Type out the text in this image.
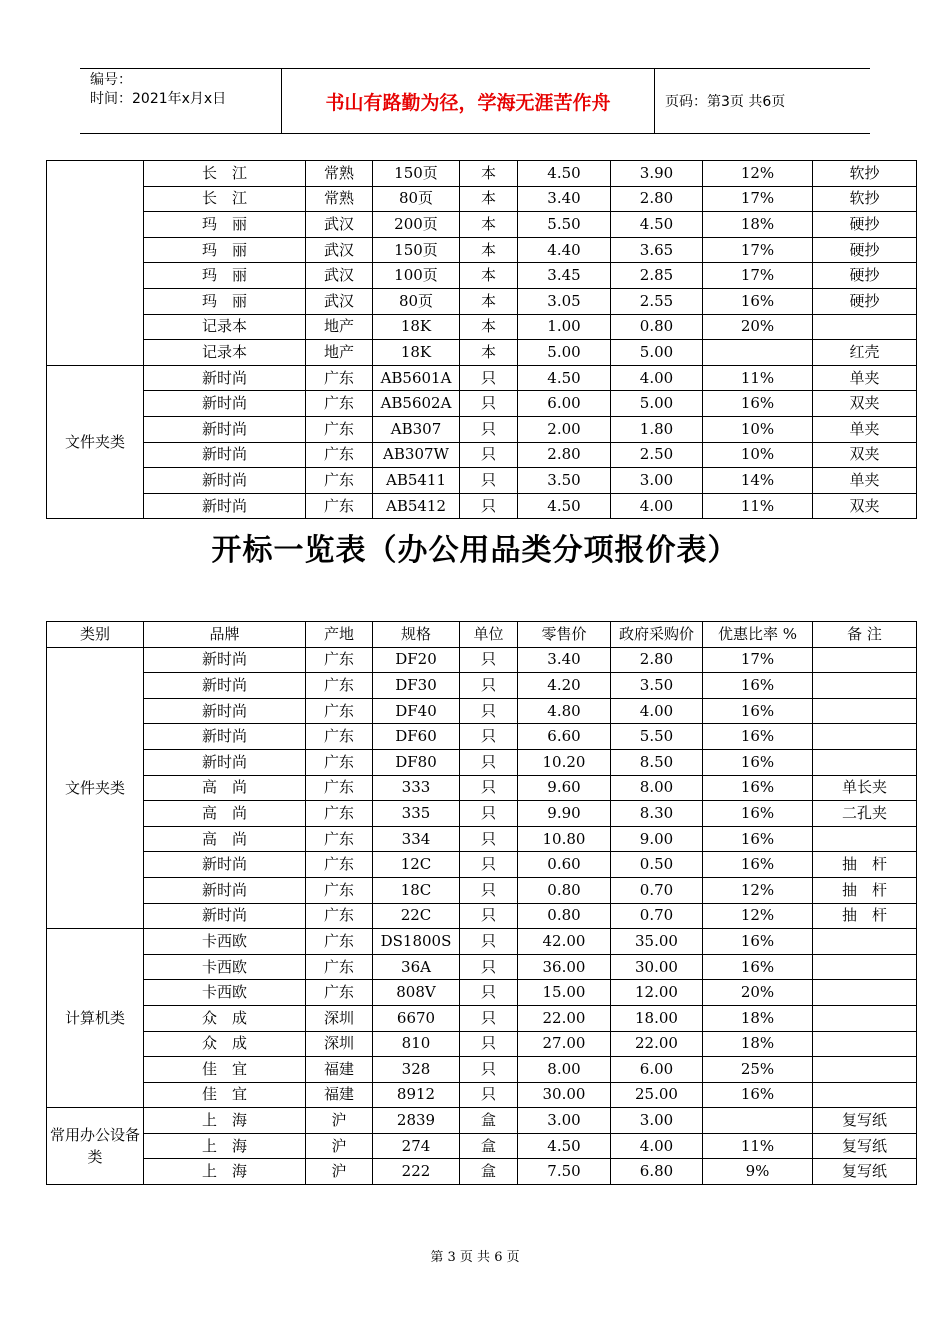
编号：
时间：2021年x月x日	书山有路勤为径，学海无涯苦作舟	页码：第3页 共6页
	长　江	常熟	150页	本	4.50	3.90	12%	软抄
	长　江	常熟	80页	本	3.40	2.80	17%	软抄
	玛　丽	武汉	200页	本	5.50	4.50	18%	硬抄
	玛　丽	武汉	150页	本	4.40	3.65	17%	硬抄
	玛　丽	武汉	100页	本	3.45	2.85	17%	硬抄
	玛　丽	武汉	80页	本	3.05	2.55	16%	硬抄
	记录本	地产	18K	本	1.00	0.80	20%	
	记录本	地产	18K	本	5.00	5.00		红壳
文件夹类	新时尚	广东	AB5601A	只	4.50	4.00	11%	单夹
	新时尚	广东	AB5602A	只	6.00	5.00	16%	双夹
	新时尚	广东	AB307	只	2.00	1.80	10%	单夹
	新时尚	广东	AB307W	只	2.80	2.50	10%	双夹
	新时尚	广东	AB5411	只	3.50	3.00	14%	单夹
	新时尚	广东	AB5412	只	4.50	4.00	11%	双夹
开标一览表（办公用品类分项报价表）
类别	品牌	产地	规格	单位	零售价	政府采购价	优惠比率 %	备 注
文件夹类	新时尚	广东	DF20	只	3.40	2.80	17%	
	新时尚	广东	DF30	只	4.20	3.50	16%	
	新时尚	广东	DF40	只	4.80	4.00	16%	
	新时尚	广东	DF60	只	6.60	5.50	16%	
	新时尚	广东	DF80	只	10.20	8.50	16%	
	高　尚	广东	333	只	9.60	8.00	16%	单长夹
	高　尚	广东	335	只	9.90	8.30	16%	二孔夹
	高　尚	广东	334	只	10.80	9.00	16%	
	新时尚	广东	12C	只	0.60	0.50	16%	抽　杆
	新时尚	广东	18C	只	0.80	0.70	12%	抽　杆
	新时尚	广东	22C	只	0.80	0.70	12%	抽　杆
计算机类	卡西欧	广东	DS1800S	只	42.00	35.00	16%	
	卡西欧	广东	36A	只	36.00	30.00	16%	
	卡西欧	广东	808V	只	15.00	12.00	20%	
	众　成	深圳	6670	只	22.00	18.00	18%	
	众　成	深圳	810	只	27.00	22.00	18%	
	佳　宜	福建	328	只	8.00	6.00	25%	
	佳　宜	福建	8912	只	30.00	25.00	16%	
常用办公设备类	上　海	沪	2839	盒	3.00	3.00		复写纸
	上　海	沪	274	盒	4.50	4.00	11%	复写纸
	上　海	沪	222	盒	7.50	6.80	9%	复写纸
第 3 页 共 6 页
